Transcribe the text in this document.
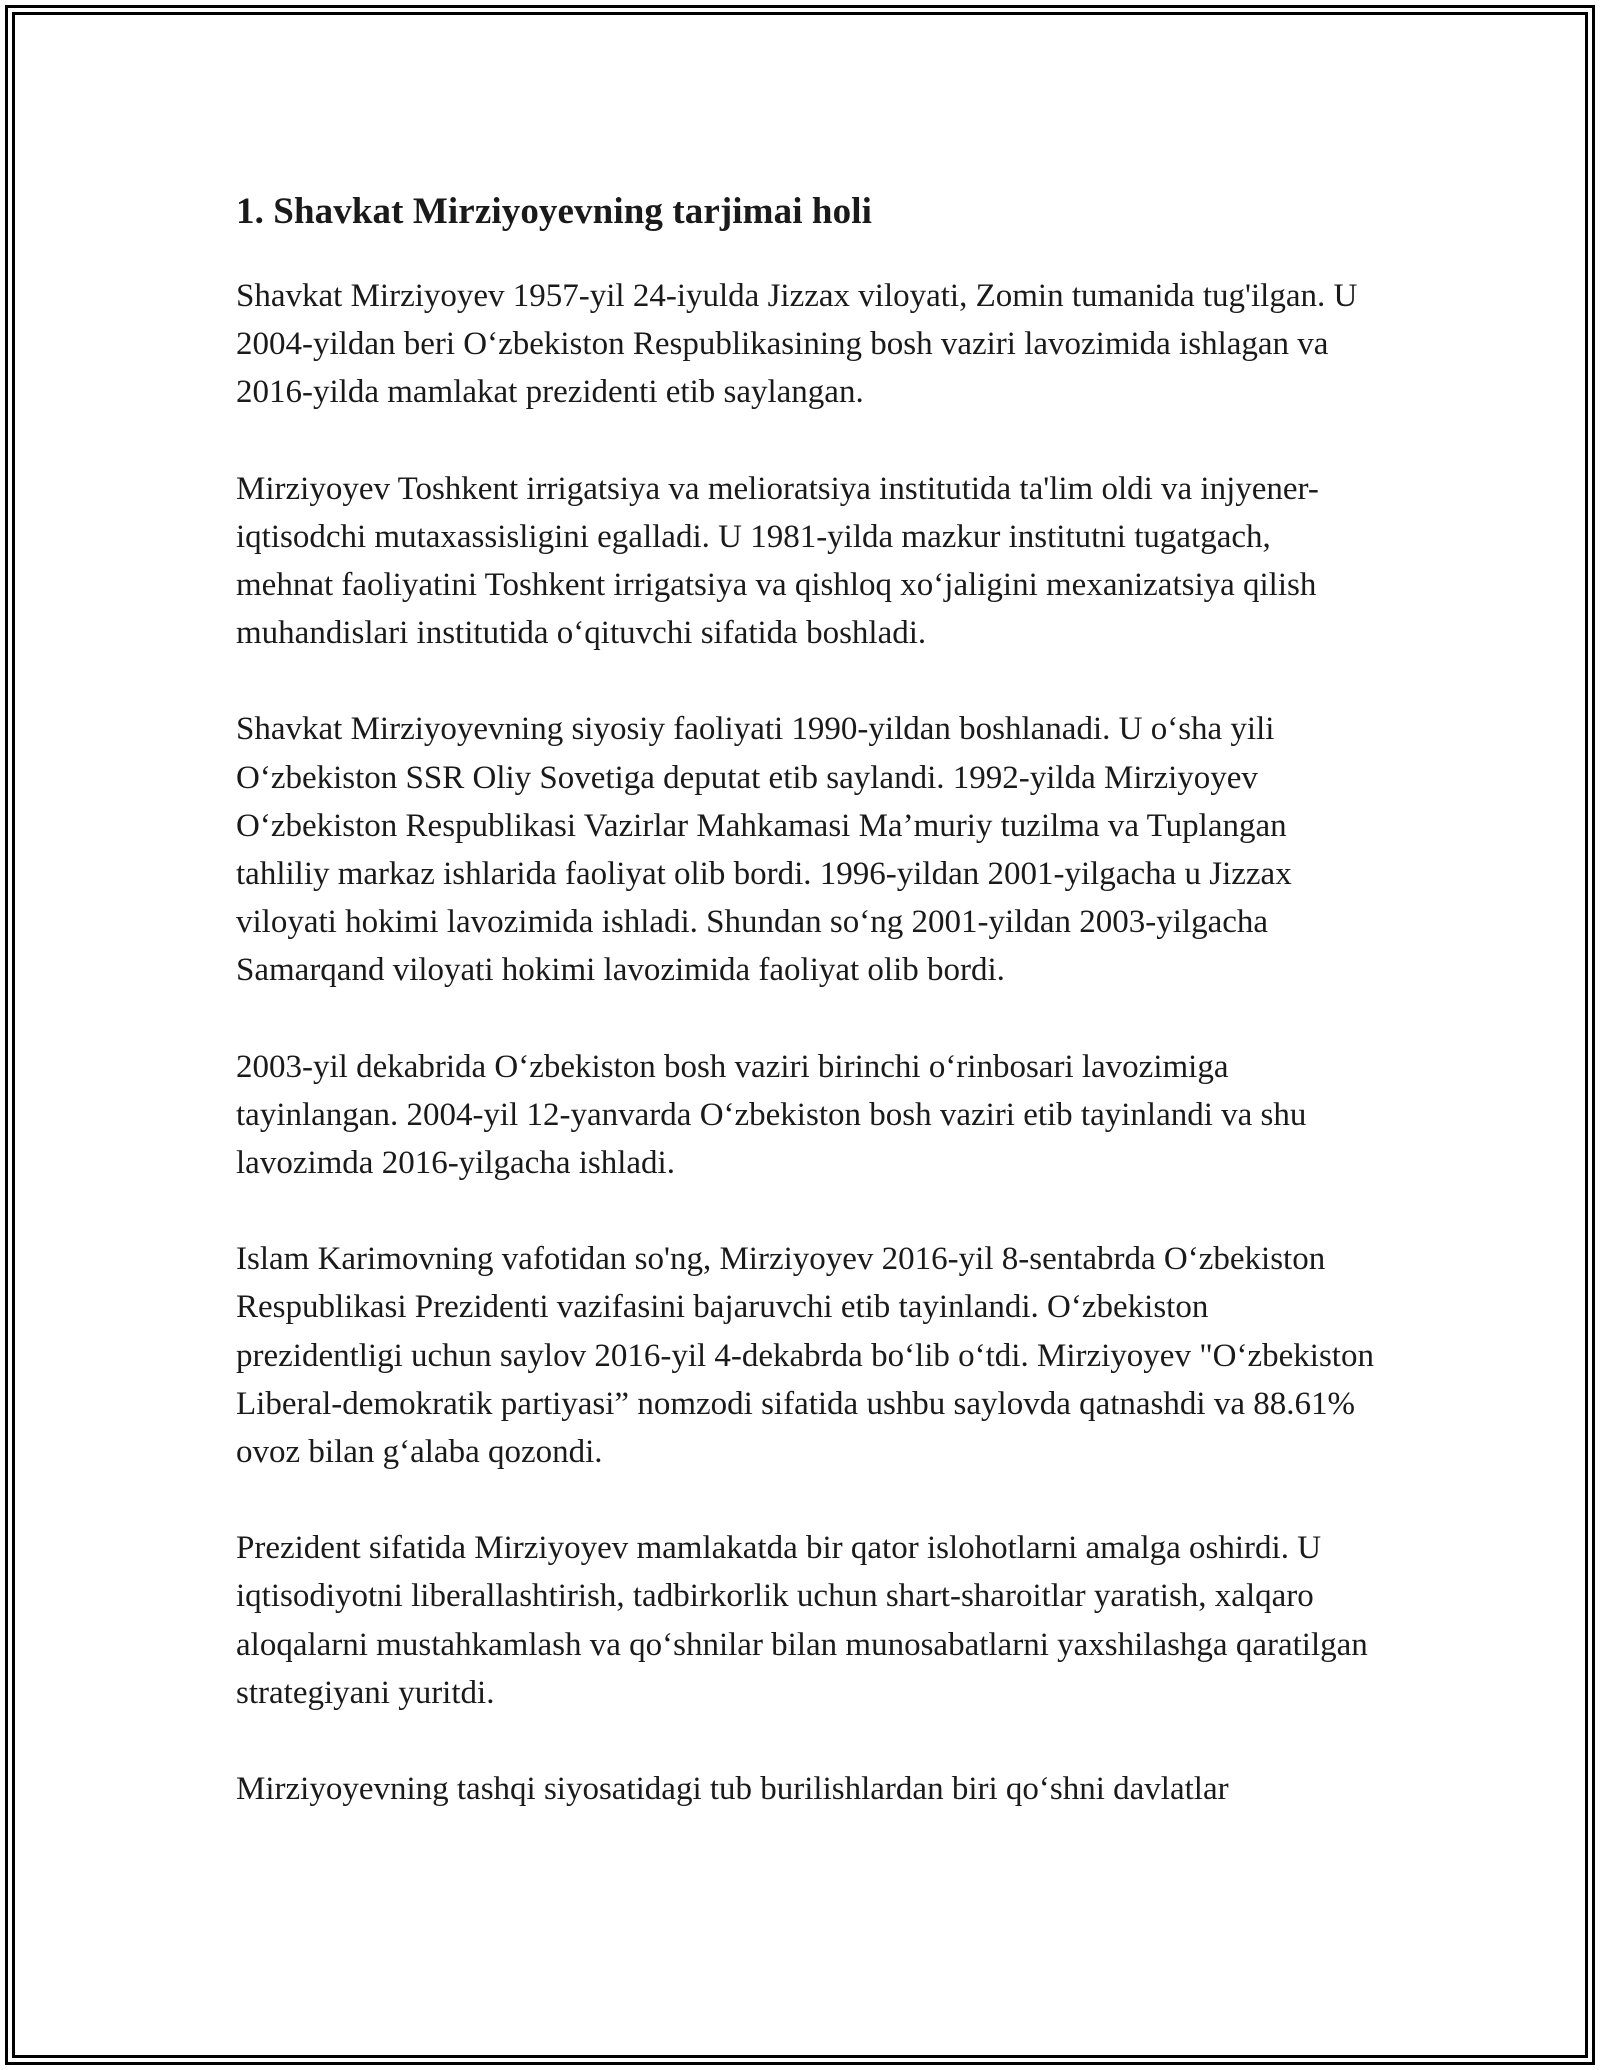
1. Shavkat Mirziyoyevning tarjimai holi

Shavkat Mirziyoyev 1957-yil 24-iyulda Jizzax viloyati, Zomin tumanida tug'ilgan. U 2004-yildan beri O‘zbekiston Respublikasining bosh vaziri lavozimida ishlagan va 2016-yilda mamlakat prezidenti etib saylangan.

Mirziyoyev Toshkent irrigatsiya va melioratsiya institutida ta'lim oldi va injyener-iqtisodchi mutaxassisligini egalladi. U 1981-yilda mazkur institutni tugatgach, mehnat faoliyatini Toshkent irrigatsiya va qishloq xo‘jaligini mexanizatsiya qilish muhandislari institutida o‘qituvchi sifatida boshladi.

Shavkat Mirziyoyevning siyosiy faoliyati 1990-yildan boshlanadi. U o‘sha yili O‘zbekiston SSR Oliy Sovetiga deputat etib saylandi. 1992-yilda Mirziyoyev O‘zbekiston Respublikasi Vazirlar Mahkamasi Ma’muriy tuzilma va Tuplangan tahliliy markaz ishlarida faoliyat olib bordi. 1996-yildan 2001-yilgacha u Jizzax viloyati hokimi lavozimida ishladi. Shundan so‘ng 2001-yildan 2003-yilgacha Samarqand viloyati hokimi lavozimida faoliyat olib bordi.

2003-yil dekabrida O‘zbekiston bosh vaziri birinchi o‘rinbosari lavozimiga tayinlangan. 2004-yil 12-yanvarda O‘zbekiston bosh vaziri etib tayinlandi va shu lavozimda 2016-yilgacha ishladi.

Islam Karimovning vafotidan so'ng, Mirziyoyev 2016-yil 8-sentabrda O‘zbekiston Respublikasi Prezidenti vazifasini bajaruvchi etib tayinlandi. O‘zbekiston prezidentligi uchun saylov 2016-yil 4-dekabrda bo‘lib o‘tdi. Mirziyoyev "O‘zbekiston Liberal-demokratik partiyasi” nomzodi sifatida ushbu saylovda qatnashdi va 88.61% ovoz bilan g‘alaba qozondi.

Prezident sifatida Mirziyoyev mamlakatda bir qator islohotlarni amalga oshirdi. U iqtisodiyotni liberallashtirish, tadbirkorlik uchun shart-sharoitlar yaratish, xalqaro aloqalarni mustahkamlash va qo‘shnilar bilan munosabatlarni yaxshilashga qaratilgan strategiyani yuritdi.

Mirziyoyevning tashqi siyosatidagi tub burilishlardan biri qo‘shni davlatlar
